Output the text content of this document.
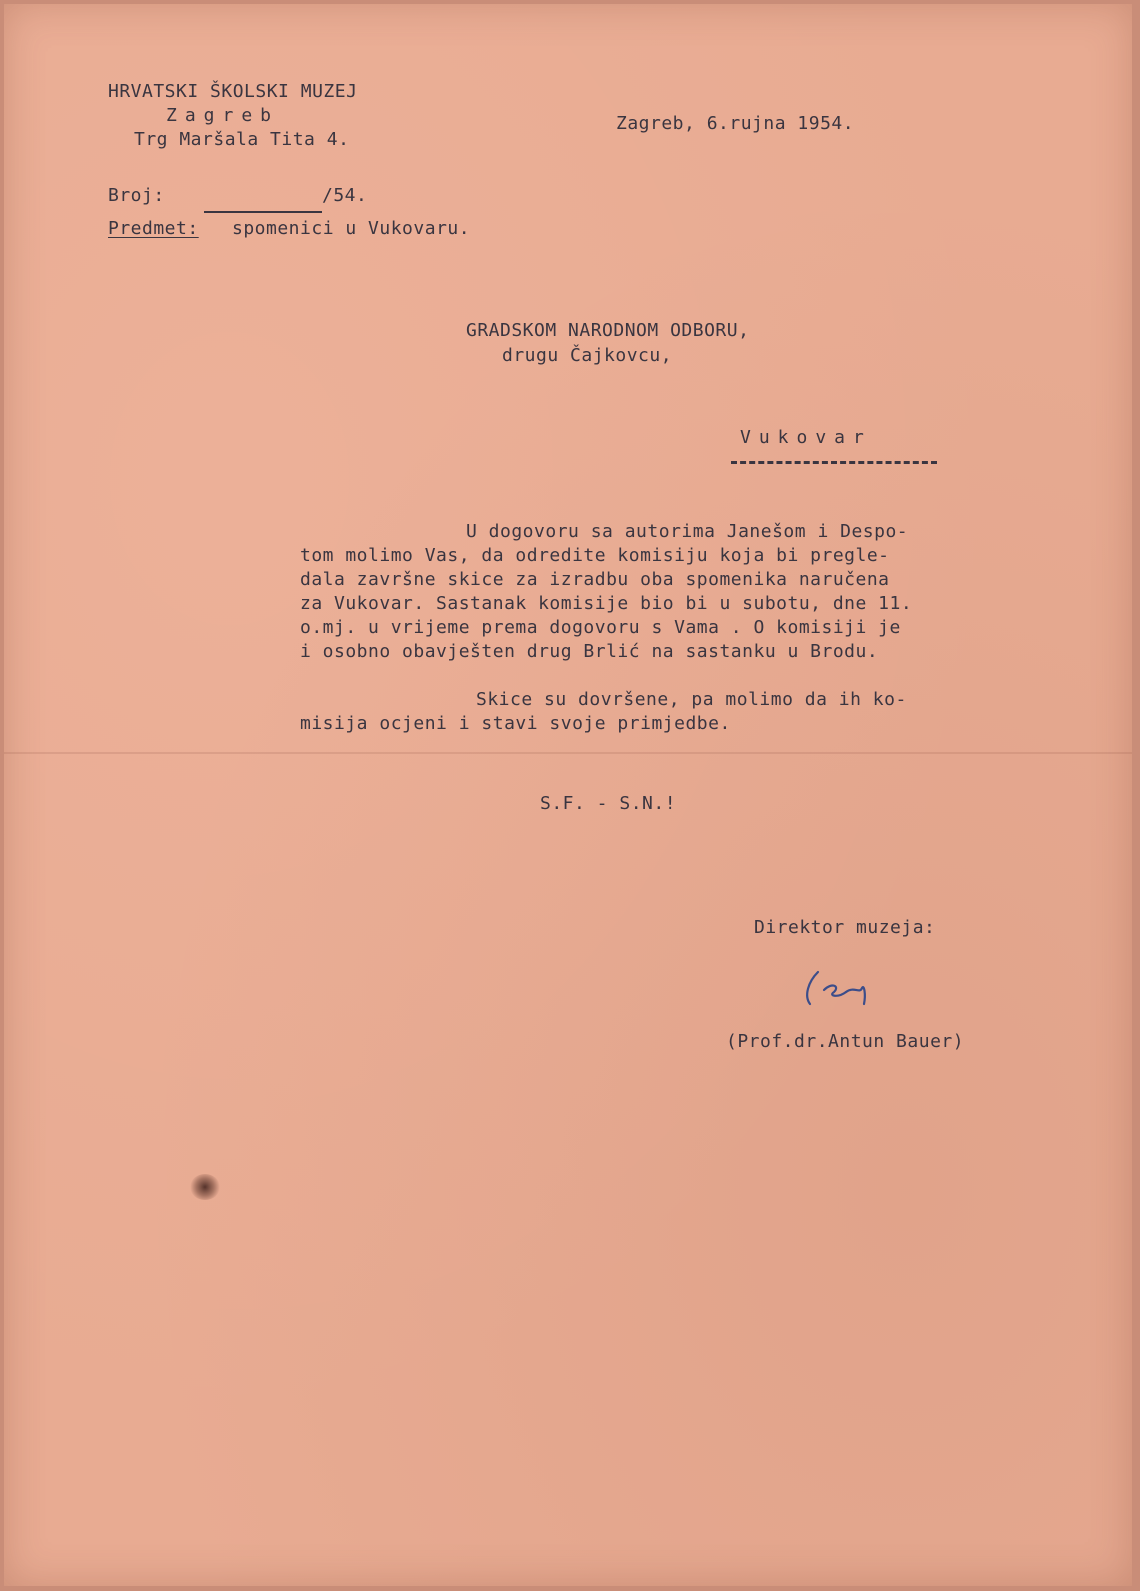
HRVATSKI ŠKOLSKI MUZEJ
Zagreb
Trg Maršala Tita 4.
Zagreb, 6.rujna 1954.
Broj:	/54.
Predmet: spomenici u Vukovaru.
GRADSKOM NARODNOM ODBORU,
drugu Čajkovcu,
Vukovar
U dogovoru sa autorima Janešom i Despo-
tom molimo Vas, da odredite komisiju koja bi pregle-
dala završne skice za izradbu oba spomenika naručena
za Vukovar. Sastanak komisije bio bi u subotu, dne 11.
o.mj. u vrijeme prema dogovoru s Vama . O komisiji je
i osobno obavješten drug Brlić na sastanku u Brodu.
Skice su dovršene, pa molimo da ih ko-
misija ocjeni i stavi svoje primjedbe.
S.F. - S.N.!
Direktor muzeja:
(Prof.dr.Antun Bauer)
